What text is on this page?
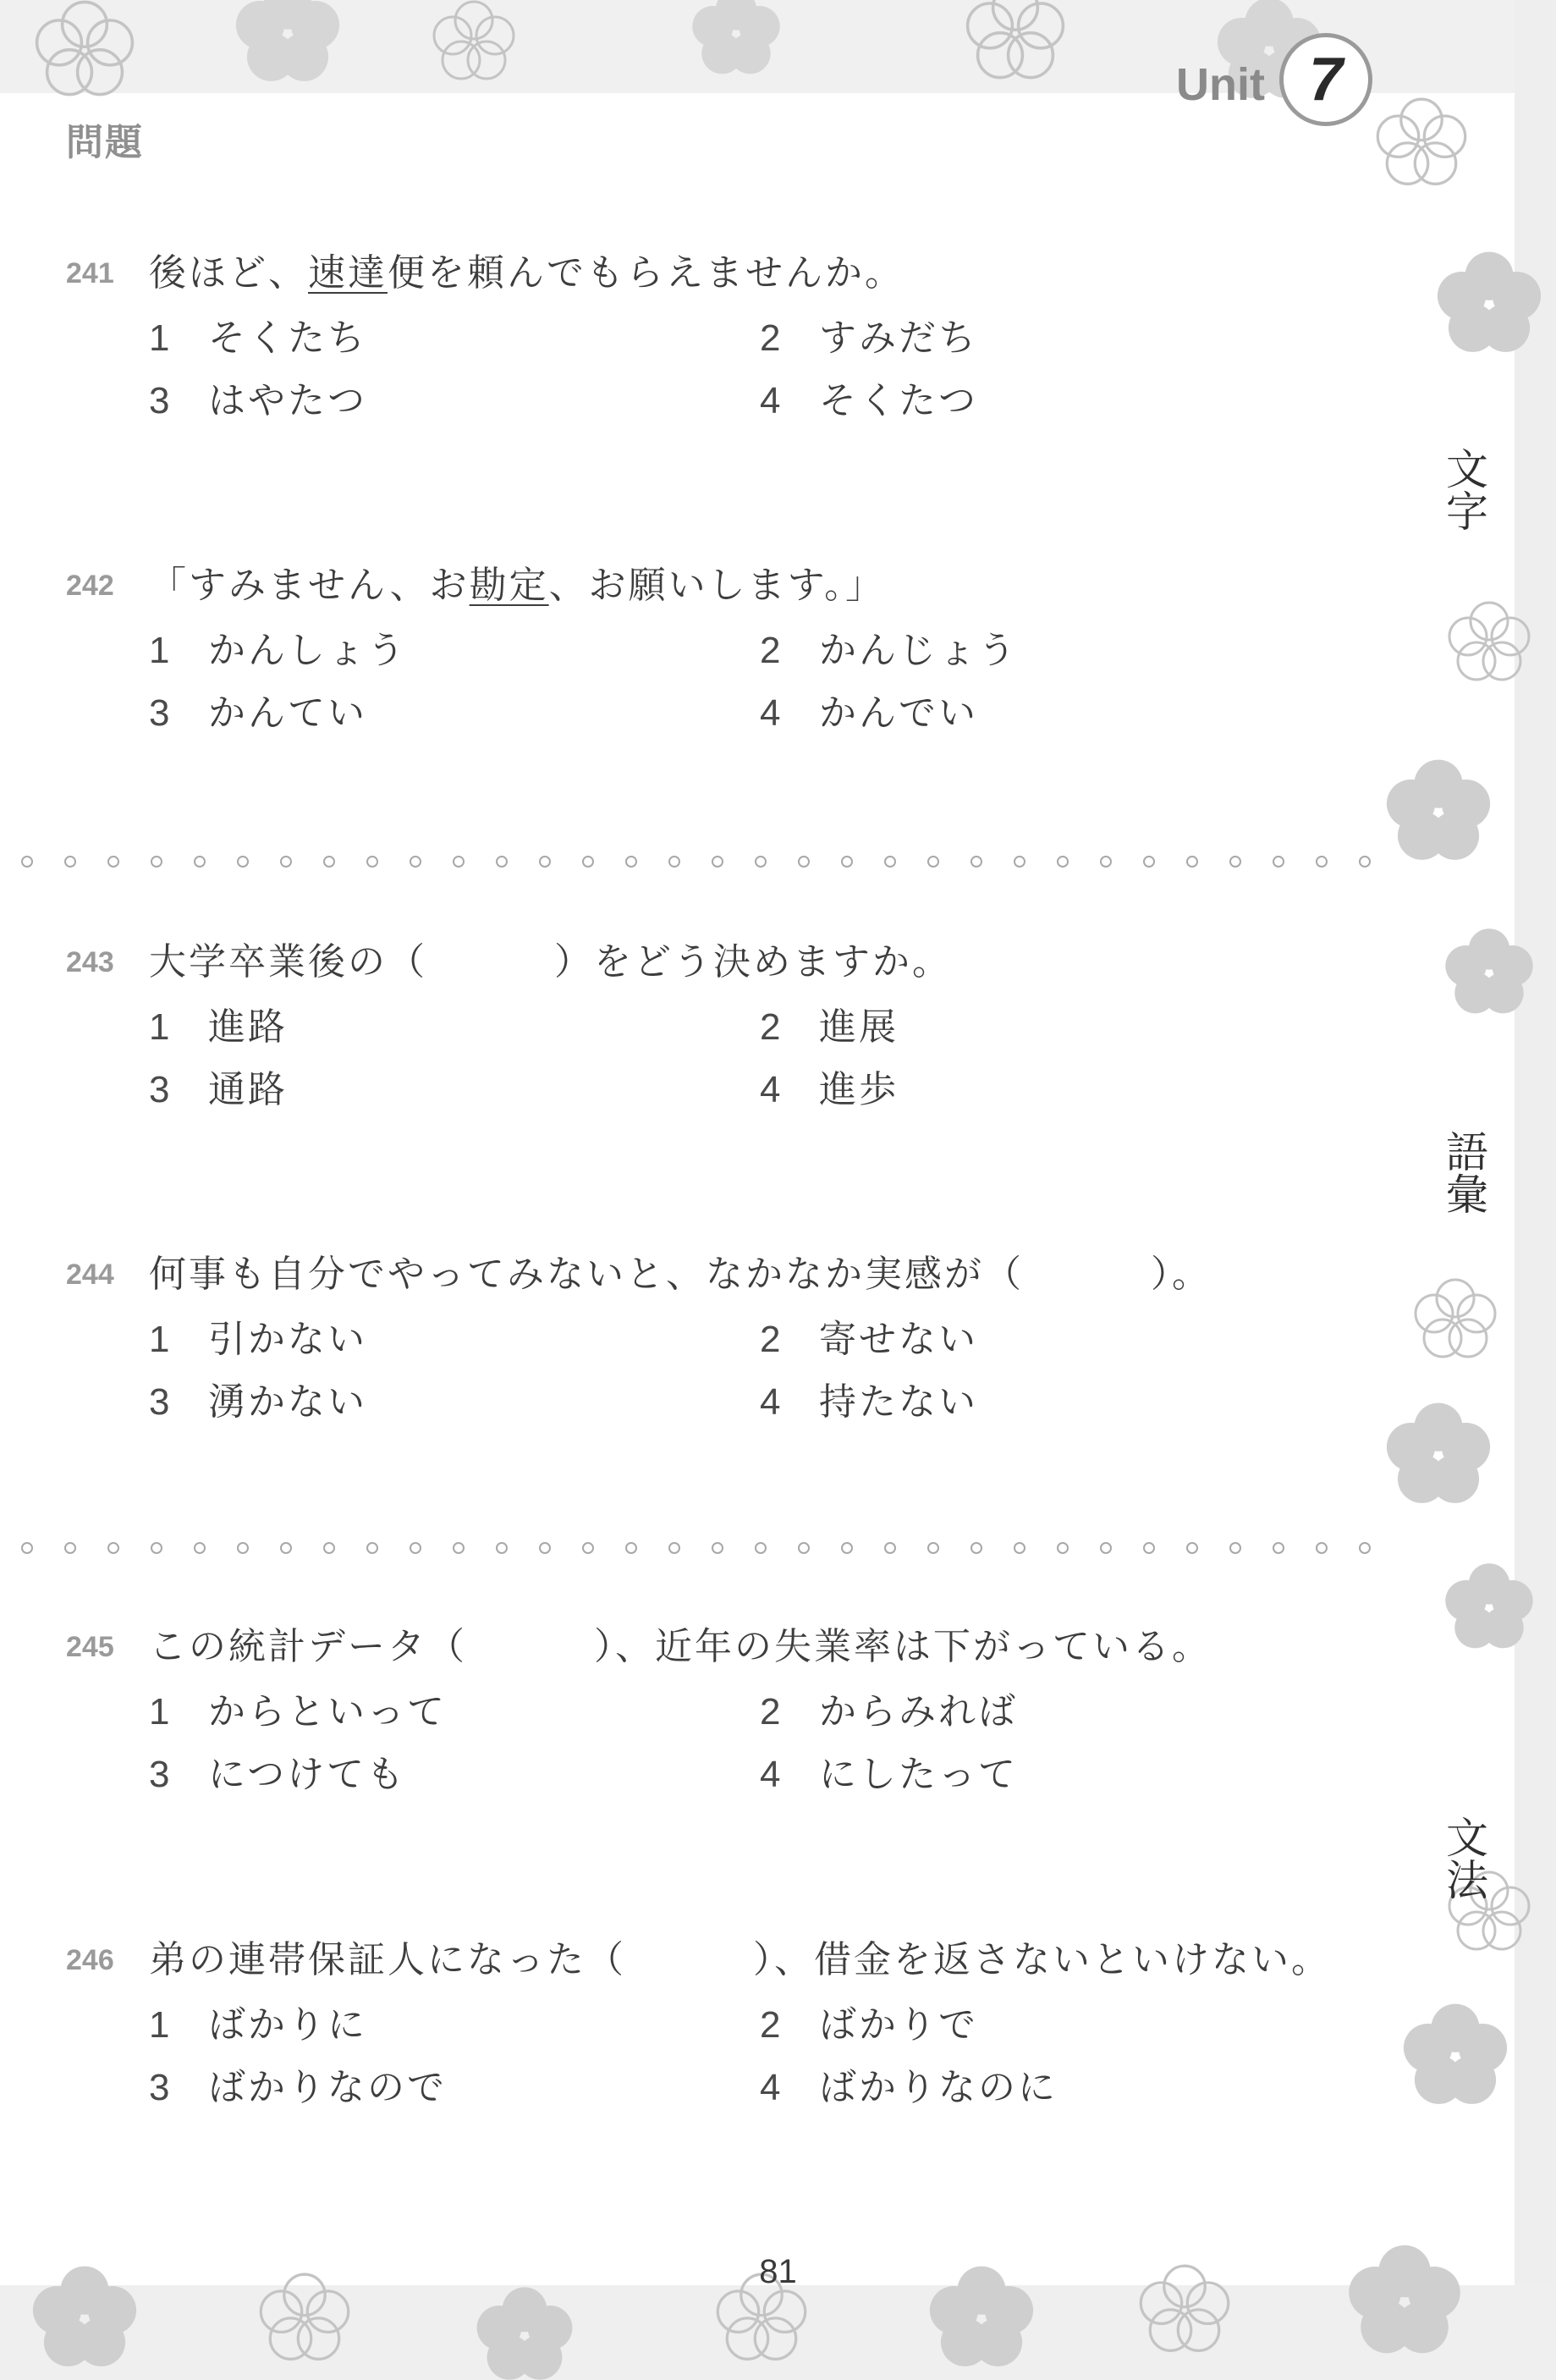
問題
Unit 7
文字
語彙
文法
241 後ほど、速達便を頼んでもらえませんか。
1 そくたち	2 すみだち
3 はやたつ	4 そくたつ
242 「すみません、お勘定、お願いします。」
1 かんしょう	2 かんじょう
3 かんてい	4 かんでい
243 大学卒業後の（	）をどう決めますか。
1 進路	2 進展
3 通路	4 進歩
244 何事も自分でやってみないと、なかなか実感が（	）。
1 引かない	2 寄せない
3 湧かない	4 持たない
245 この統計データ（	）、近年の失業率は下がっている。
1 からといって	2 からみれば
3 につけても	4 にしたって
246 弟の連帯保証人になった（	）、借金を返さないといけない。
1 ばかりに	2 ばかりで
3 ばかりなので	4 ばかりなのに
81
